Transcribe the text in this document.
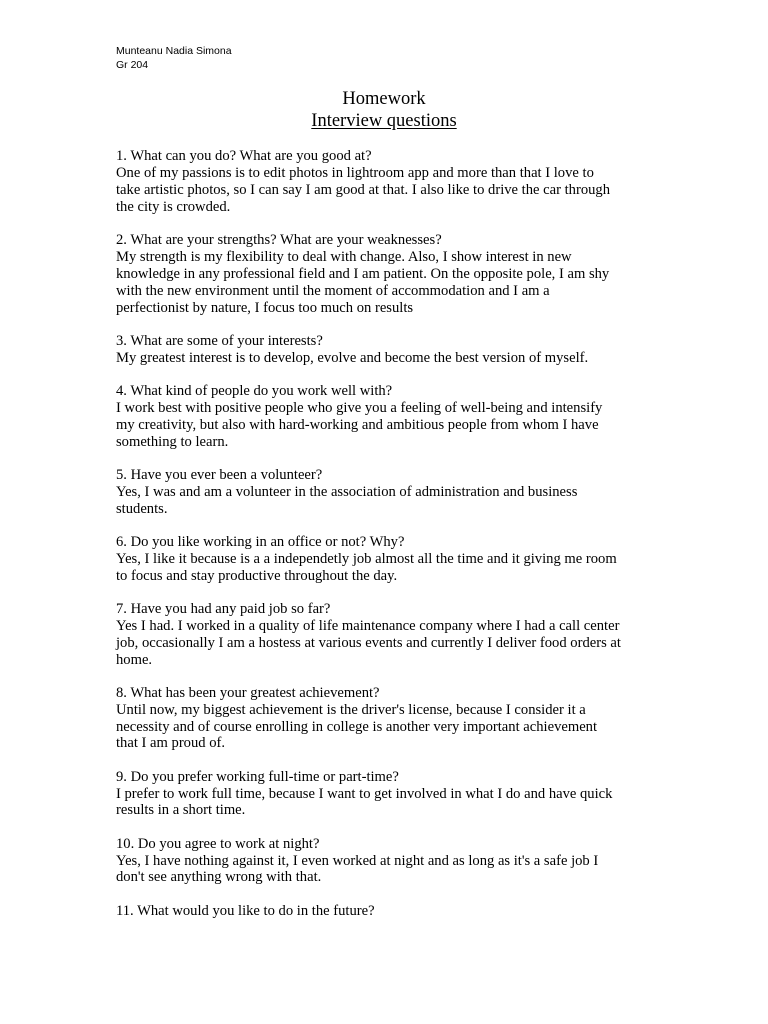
Munteanu Nadia Simona
Gr 204
Homework
Interview questions
1. What can you do? What are you good at?
One of my passions is to edit photos in lightroom app and more than that I love to
take artistic photos, so I can say I am good at that. I also like to drive the car through
the city is crowded.
2. What are your strengths? What are your weaknesses?
My strength is my flexibility to deal with change. Also, I show interest in new
knowledge in any professional field and I am patient. On the opposite pole, I am shy
with the new environment until the moment of accommodation and I am a
perfectionist by nature, I focus too much on results
3. What are some of your interests?
My greatest interest is to develop, evolve and become the best version of myself.
4. What kind of people do you work well with?
I work best with positive people who give you a feeling of well-being and intensify
my creativity, but also with hard-working and ambitious people from whom I have
something to learn.
5. Have you ever been a volunteer?
Yes, I was and am a volunteer in the association of administration and business
students.
6. Do you like working in an office or not? Why?
Yes, I like it because is a a independetly job almost all the time and it giving me room
to focus and stay productive throughout the day.
7. Have you had any paid job so far?
Yes I had. I worked in a quality of life maintenance company where I had a call center
job, occasionally I am a hostess at various events and currently I deliver food orders at
home.
8. What has been your greatest achievement?
Until now, my biggest achievement is the driver's license, because I consider it a
necessity and of course enrolling in college is another very important achievement
that I am proud of.
9. Do you prefer working full-time or part-time?
I prefer to work full time, because I want to get involved in what I do and have quick
results in a short time.
10. Do you agree to work at night?
Yes, I have nothing against it, I even worked at night and as long as it's a safe job I
don't see anything wrong with that.
11. What would you like to do in the future?
